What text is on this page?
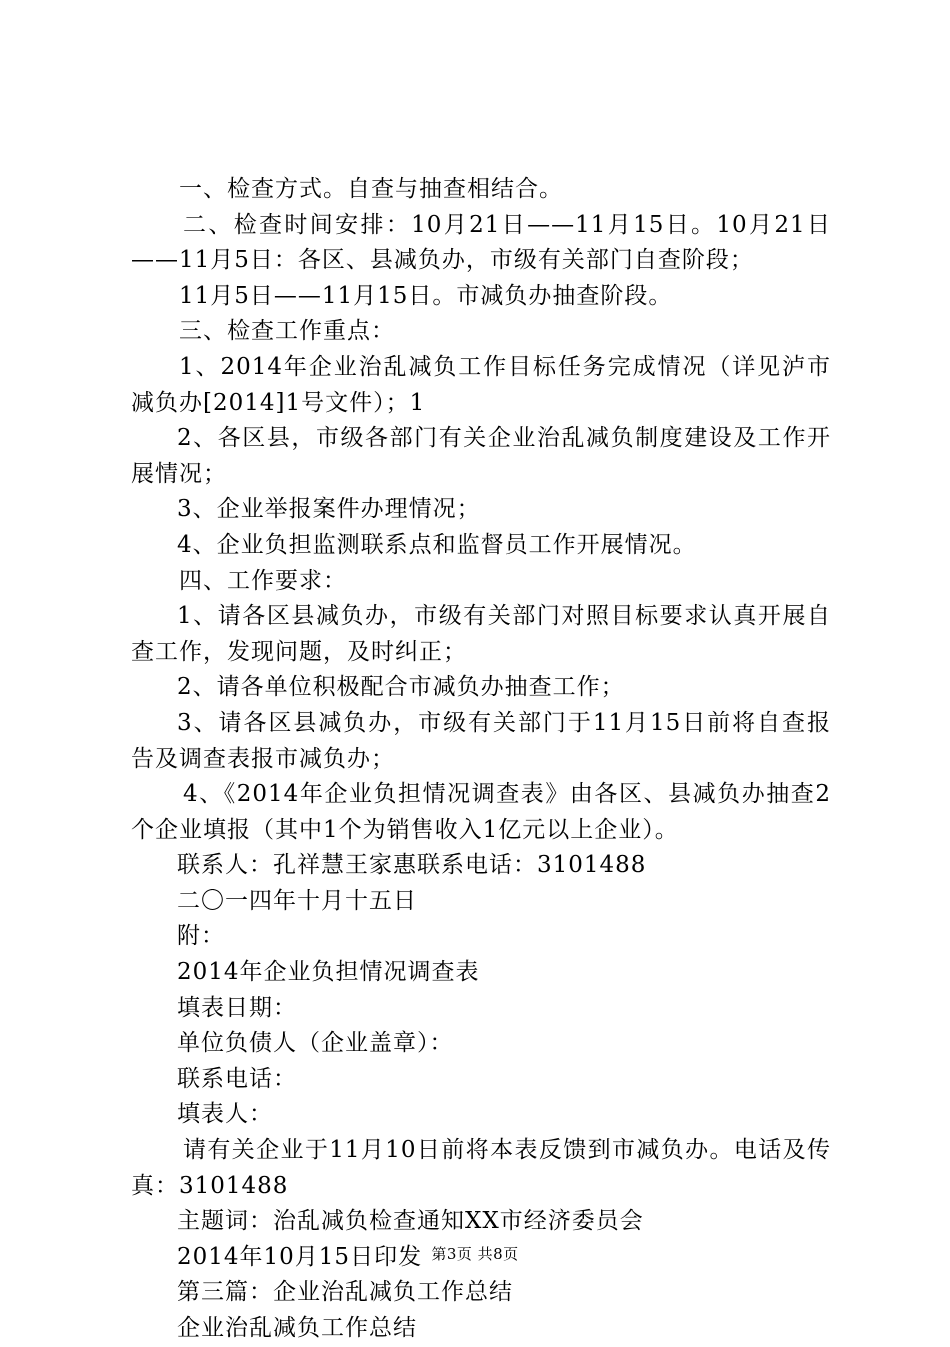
一、检查方式。自查与抽查相结合。

二、检查时间安排：10月21日——11月15日。10月21日——11月5日：各区、县减负办，市级有关部门自查阶段；

11月5日——11月15日。市减负办抽查阶段。

三、检查工作重点：

1、2014年企业治乱减负工作目标任务完成情况（详见泸市减负办[2014]1号文件）；1

2、各区县，市级各部门有关企业治乱减负制度建设及工作开展情况；

3、企业举报案件办理情况；

4、企业负担监测联系点和监督员工作开展情况。

四、工作要求：

1、请各区县减负办，市级有关部门对照目标要求认真开展自查工作，发现问题，及时纠正；

2、请各单位积极配合市减负办抽查工作；

3、请各区县减负办，市级有关部门于11月15日前将自查报告及调查表报市减负办；

4、《2014年企业负担情况调查表》由各区、县减负办抽查2个企业填报（其中1个为销售收入1亿元以上企业）。

联系人：孔祥慧王家惠联系电话：3101488

二〇一四年十月十五日

附：

2014年企业负担情况调查表

填表日期：

单位负债人（企业盖章）：

联系电话：

填表人：

请有关企业于11月10日前将本表反馈到市减负办。电话及传真：3101488

主题词：治乱减负检查通知XX市经济委员会

2014年10月15日印发

第三篇：企业治乱减负工作总结

企业治乱减负工作总结

第3页 共8页
